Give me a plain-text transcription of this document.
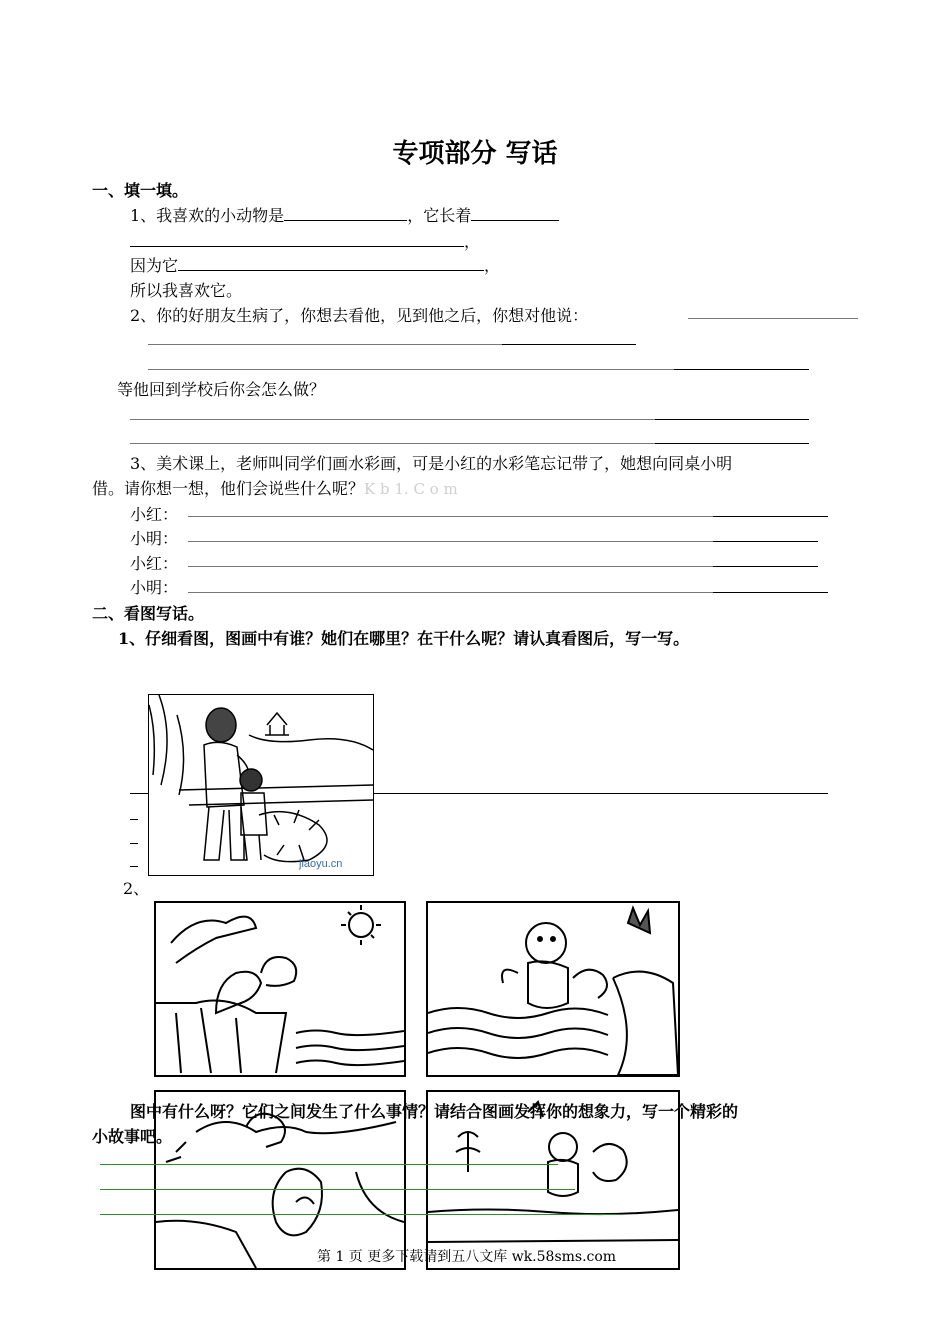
专项部分 写话
一、填一填。
1、我喜欢的小动物是	，它长着
，
因为它	，
所以我喜欢它。
2、你的好朋友生病了，你想去看他，见到他之后，你想对他说：
等他回到学校后你会怎么做？
3、美术课上，老师叫同学们画水彩画，可是小红的水彩笔忘记带了，她想向同桌小明
借。请你想一想，他们会说些什么呢？K b 1. C o m
小红：
小明：
小红：
小明：
二、看图写话。
1、仔细看图，图画中有谁？她们在哪里？在干什么呢？请认真看图后，写一写。
jiaoyu.cn
2、
图中有什么呀？它们之间发生了什么事情？请结合图画发挥你的想象力，写一个精彩的
小故事吧。
第 1 页 更多下载请到五八文库 wk.58sms.com
